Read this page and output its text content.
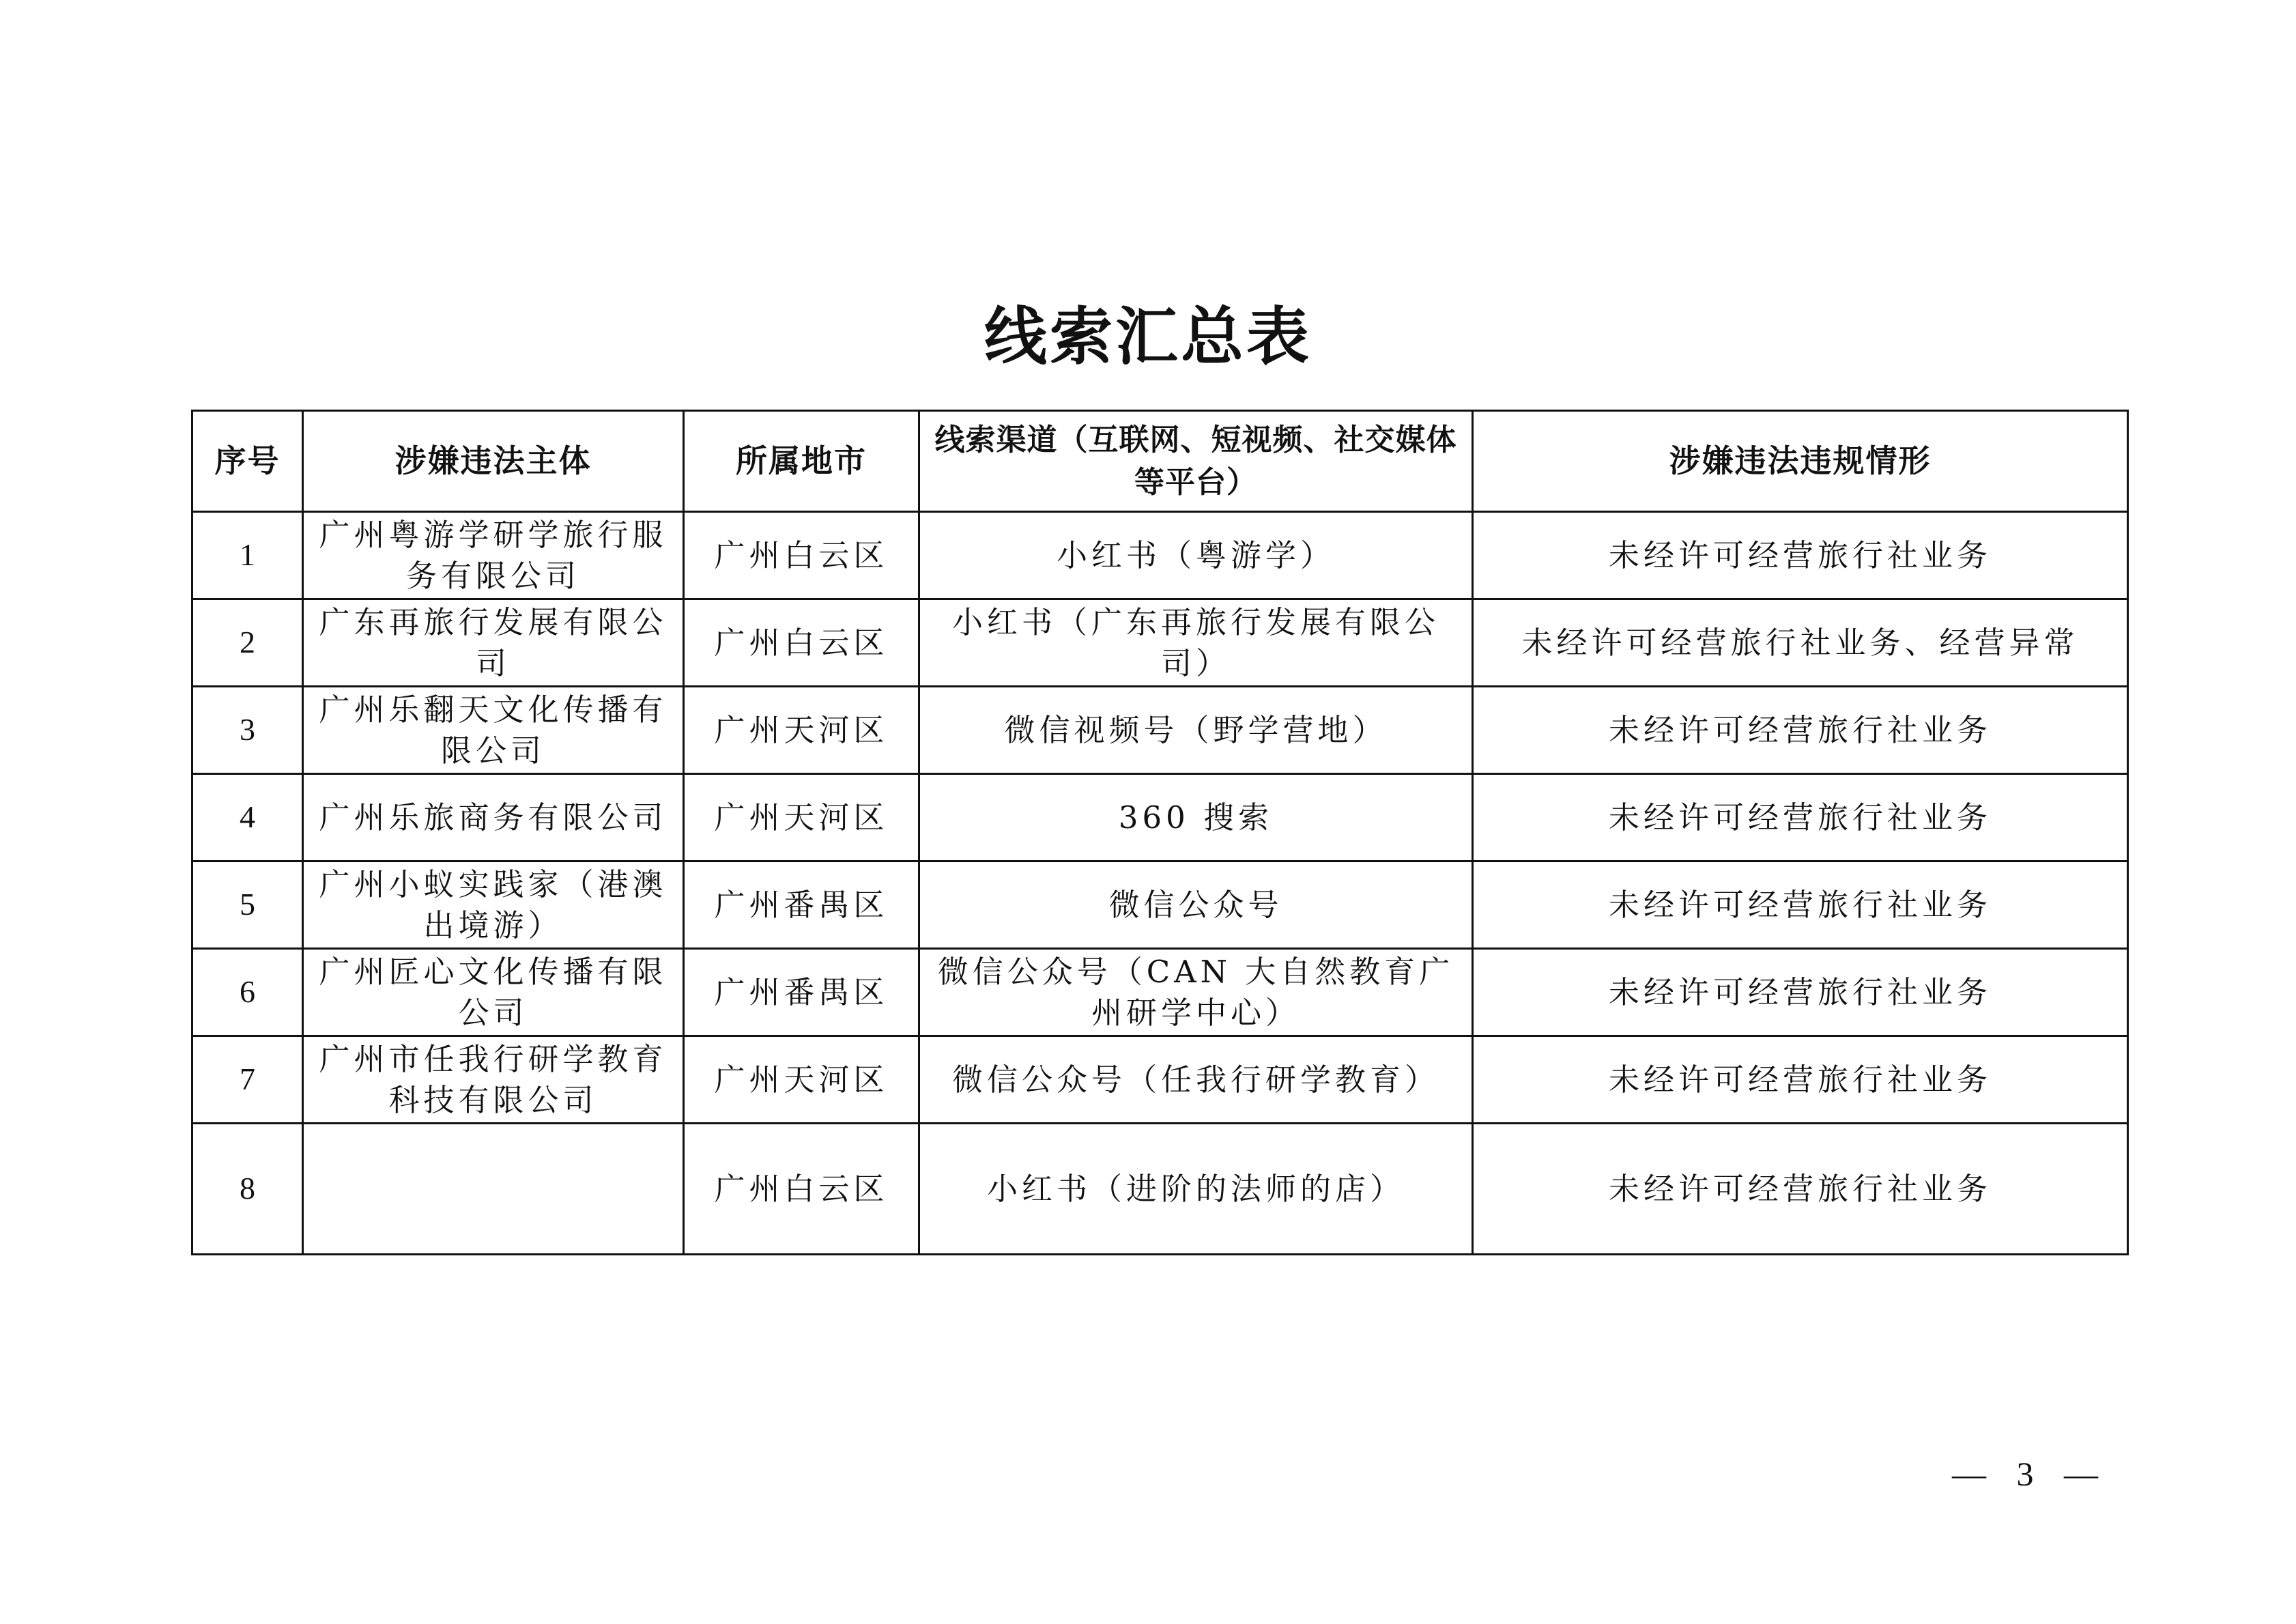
线索汇总表
序号	涉嫌违法主体	所属地市	线索渠道（互联网、短视频、社交媒体等平台）	涉嫌违法违规情形
1	广州粤游学研学旅行服务有限公司	广州白云区	小红书（粤游学）	未经许可经营旅行社业务
2	广东再旅行发展有限公司	广州白云区	小红书（广东再旅行发展有限公司）	未经许可经营旅行社业务、经营异常
3	广州乐翻天文化传播有限公司	广州天河区	微信视频号（野学营地）	未经许可经营旅行社业务
4	广州乐旅商务有限公司	广州天河区	360 搜索	未经许可经营旅行社业务
5	广州小蚁实践家（港澳出境游）	广州番禺区	微信公众号	未经许可经营旅行社业务
6	广州匠心文化传播有限公司	广州番禺区	微信公众号（CAN 大自然教育广州研学中心）	未经许可经营旅行社业务
7	广州市任我行研学教育科技有限公司	广州天河区	微信公众号（任我行研学教育）	未经许可经营旅行社业务
8		广州白云区	小红书（进阶的法师的店）	未经许可经营旅行社业务
— 3 —
